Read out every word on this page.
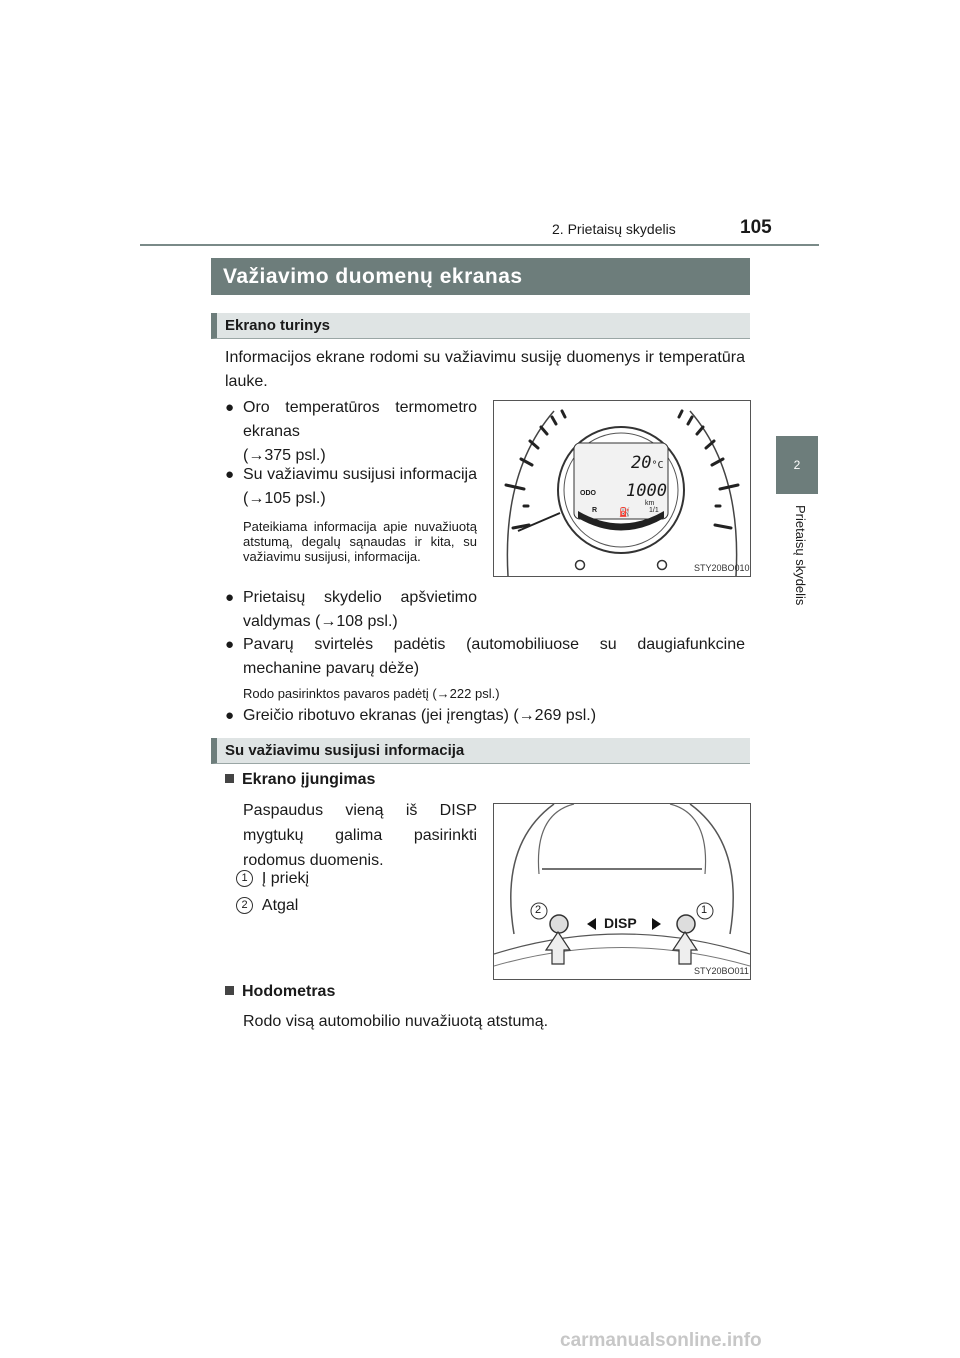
2. Prietaisų skydelis	105
2
Prietaisų skydelis
Važiavimo duomenų ekranas
Ekrano turinys
Informacijos ekrane rodomi su važiavimu susiję duomenys ir temperatūra lauke.
● Oro temperatūros termometro ekranas
(→375 psl.)
● Su važiavimu susijusi informacija (→105 psl.)
Pateikiama informacija apie nuvažiuotą atstumą, degalų sąnaudas ir kita, su važiavimu susijusi, informacija.
● Prietaisų skydelio apšvietimo valdymas (→108 psl.)
● Pavarų svirtelės padėtis (automobiliuose su daugiafunkcine mechanine pavarų dėže)
Rodo pasirinktos pavaros padėtį (→222 psl.)
● Greičio ribotuvo ekranas (jei įrengtas) (→269 psl.)
20°C
ODO 1000
km
R	1/1
⛽
STY20BO010
Su važiavimu susijusi informacija
Ekrano įjungimas
Paspaudus vieną iš DISP mygtukų galima pasirinkti rodomus duomenis.
1 Į priekį
2 Atgal
DISP
2	1
STY20BO011
Hodometras
Rodo visą automobilio nuvažiuotą atstumą.
carmanualsonline.info
